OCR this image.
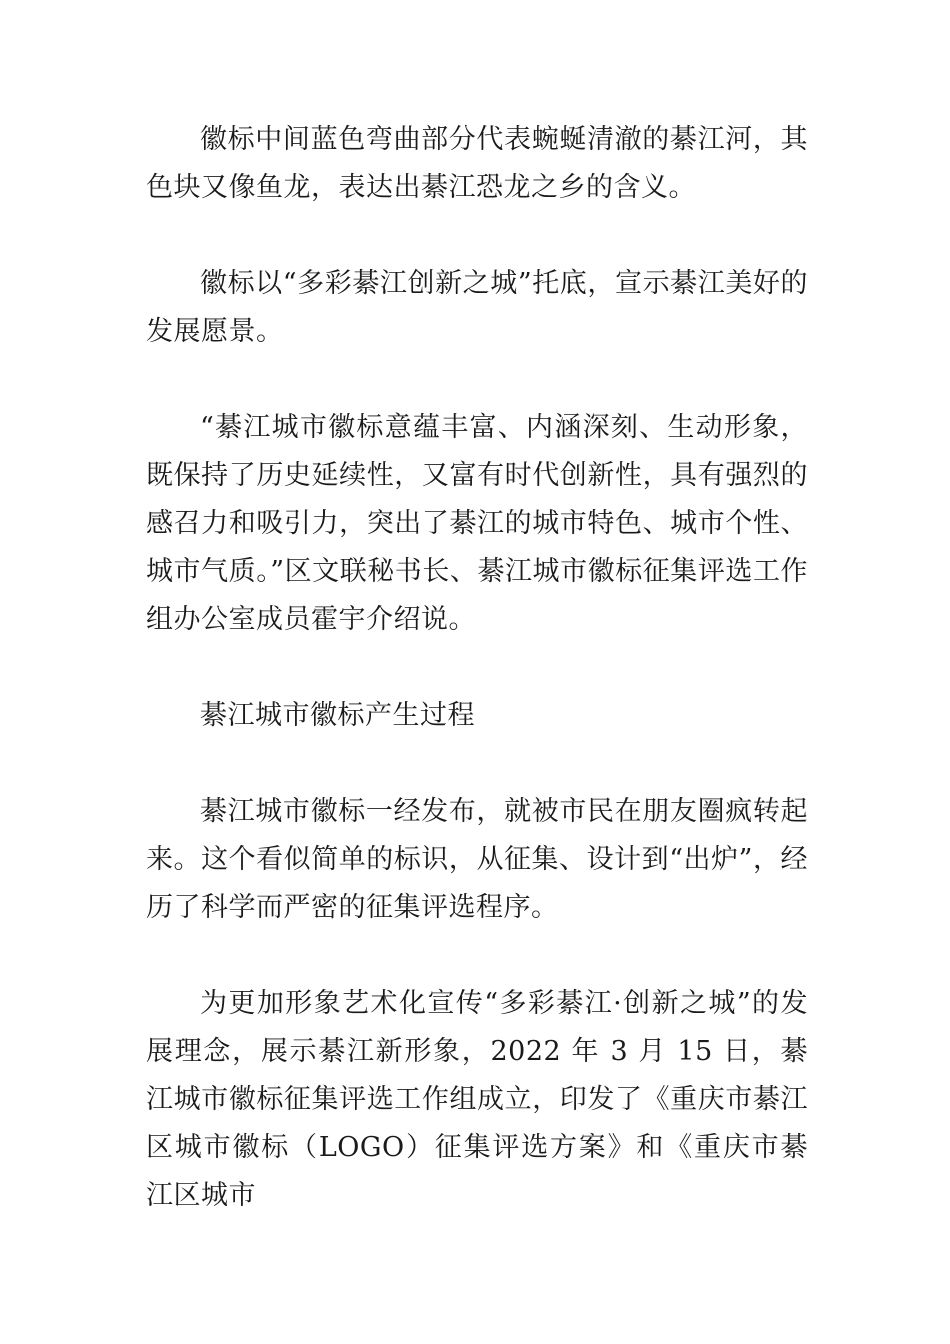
徽标中间蓝色弯曲部分代表蜿蜒清澈的綦江河，其色块又像鱼龙，表达出綦江恐龙之乡的含义。

徽标以“多彩綦江创新之城”托底，宣示綦江美好的发展愿景。

“綦江城市徽标意蕴丰富、内涵深刻、生动形象，既保持了历史延续性，又富有时代创新性，具有强烈的感召力和吸引力，突出了綦江的城市特色、城市个性、城市气质。”区文联秘书长、綦江城市徽标征集评选工作组办公室成员霍宇介绍说。

綦江城市徽标产生过程

綦江城市徽标一经发布，就被市民在朋友圈疯转起来。这个看似简单的标识，从征集、设计到“出炉”，经历了科学而严密的征集评选程序。

为更加形象艺术化宣传“多彩綦江·创新之城”的发展理念，展示綦江新形象，2022 年 3 月 15 日，綦江城市徽标征集评选工作组成立，印发了《重庆市綦江区城市徽标（LOGO）征集评选方案》和《重庆市綦江区城市
